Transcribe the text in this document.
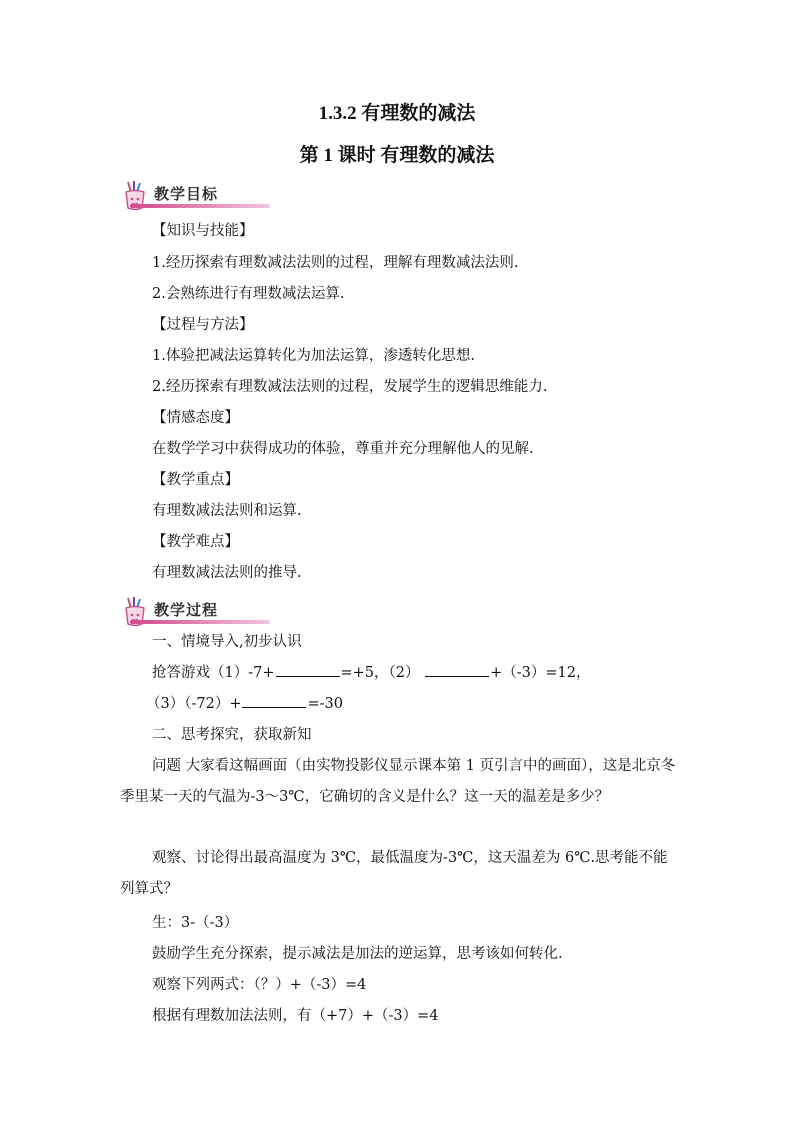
1.3.2 有理数的减法
第 1 课时 有理数的减法
教学目标
【知识与技能】
1.经历探索有理数减法法则的过程，理解有理数减法法则.
2.会熟练进行有理数减法运算.
【过程与方法】
1.体验把减法运算转化为加法运算，渗透转化思想.
2.经历探索有理数减法法则的过程，发展学生的逻辑思维能力.
【情感态度】
在数学学习中获得成功的体验，尊重并充分理解他人的见解.
【教学重点】
有理数减法法则和运算.
【教学难点】
有理数减法法则的推导.
教学过程
一、情境导入,初步认识
抢答游戏（1）-7+	=+5，（2）	+（-3）=12，
（3）（-72）+	=-30
二、思考探究，获取新知
问题 大家看这幅画面（由实物投影仪显示课本第 1 页引言中的画面），这是北京冬季里某一天的气温为-3～3℃，它确切的含义是什么？这一天的温差是多少？
观察、讨论得出最高温度为 3℃，最低温度为-3℃，这天温差为 6℃.思考能不能列算式？
生：3-（-3）
鼓励学生充分探索，提示减法是加法的逆运算，思考该如何转化.
观察下列两式：（？）+（-3）=4
根据有理数加法法则，有（+7）+（-3）=4
